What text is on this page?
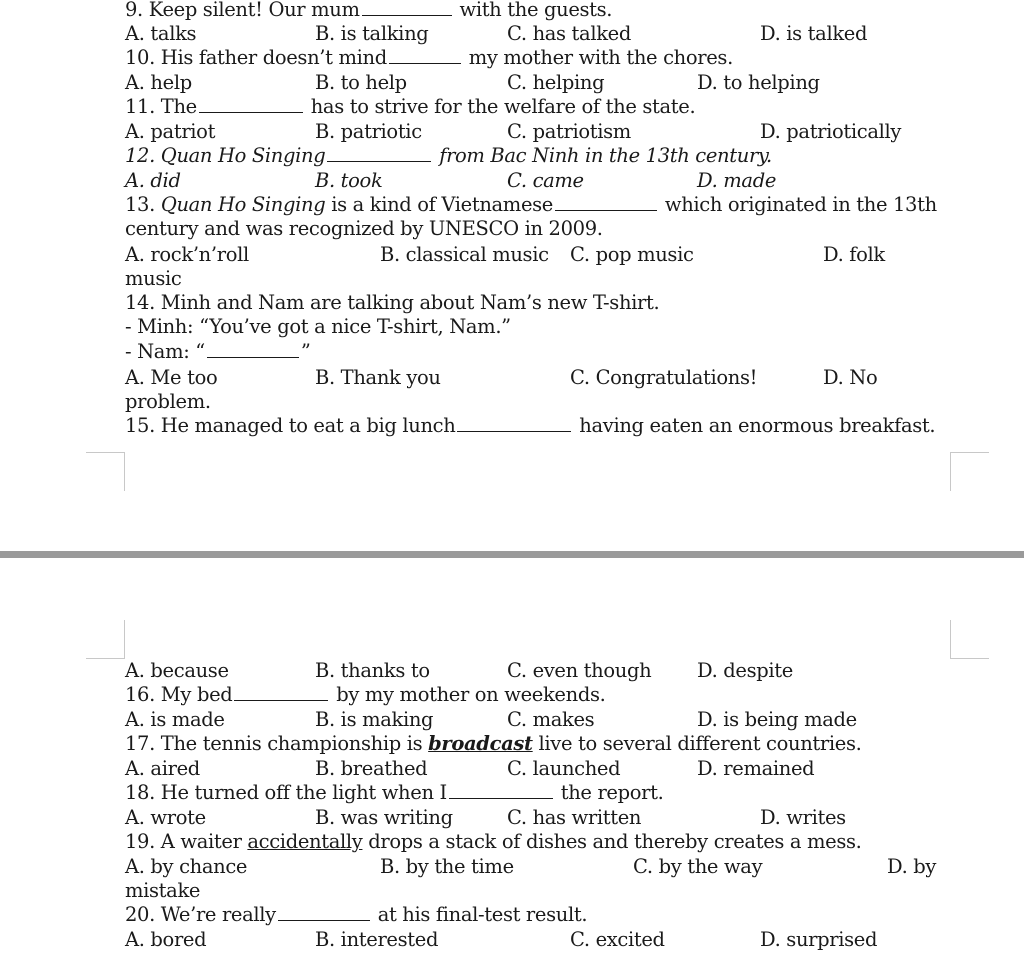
9. Keep silent! Our mum	with the guests.
A. talks	B. is talking	C. has talked	D. is talked
10. His father doesn’t mind	my mother with the chores.
A. help	B. to help	C. helping	D. to helping
11. The	has to strive for the welfare of the state.
A. patriot	B. patriotic	C. patriotism	D. patriotically
12. Quan Ho Singing	from Bac Ninh in the 13th century.
A. did	B. took	C. came	D. made
13. Quan Ho Singing is a kind of Vietnamese	which originated in the 13th
century and was recognized by UNESCO in 2009.
A. rock’n’roll	B. classical music C. pop music	D. folk
music
14. Minh and Nam are talking about Nam’s new T-shirt.
- Minh: “You’ve got a nice T-shirt, Nam.”
- Nam: “	”
A. Me too	B. Thank you	C. Congratulations!	D. No
problem.
15. He managed to eat a big lunch	having eaten an enormous breakfast.
A. because	B. thanks to	C. even though D. despite
16. My bed	by my mother on weekends.
A. is made	B. is making	C. makes	D. is being made
17. The tennis championship is broadcast live to several different countries.
A. aired	B. breathed	C. launched	D. remained
18. He turned off the light when I	the report.
A. wrote	B. was writing	C. has written	D. writes
19. A waiter accidentally drops a stack of dishes and thereby creates a mess.
A. by chance	B. by the time	C. by the way	D. by
mistake
20. We’re really	at his final-test result.
A. bored	B. interested	C. excited	D. surprised
